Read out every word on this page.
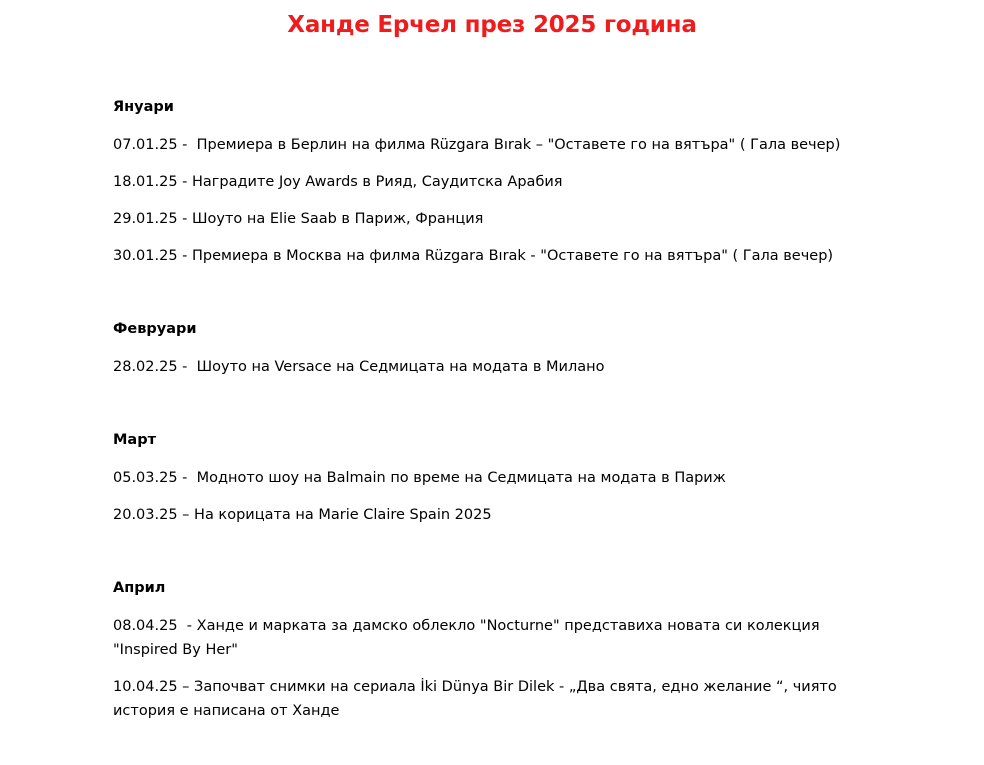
Ханде Ерчел през 2025 година
Януари
07.01.25 -  Премиера в Берлин на филма Rüzgara Bırak – "Оставете го на вятъра" ( Гала вечер)
18.01.25 - Наградите Joy Awards в Рияд, Саудитска Арабия
29.01.25 - Шоуто на Elie Saab в Париж, Франция
30.01.25 - Премиера в Москва на филма Rüzgara Bırak - "Оставете го на вятъра" ( Гала вечер)
Февруари
28.02.25 -  Шоуто на Versace на Седмицата на модата в Милано
Март
05.03.25 -  Модното шоу на Balmain по време на Седмицата на модата в Париж
20.03.25 – На корицата на Marie Claire Spain 2025
Април
08.04.25  - Ханде и марката за дамско облекло "Nocturne" представиха новата си колекция "Inspired By Her"
10.04.25 – Започват снимки на сериала İki Dünya Bir Dilek - „Два свята, едно желание “, чиято история е написана от Ханде
